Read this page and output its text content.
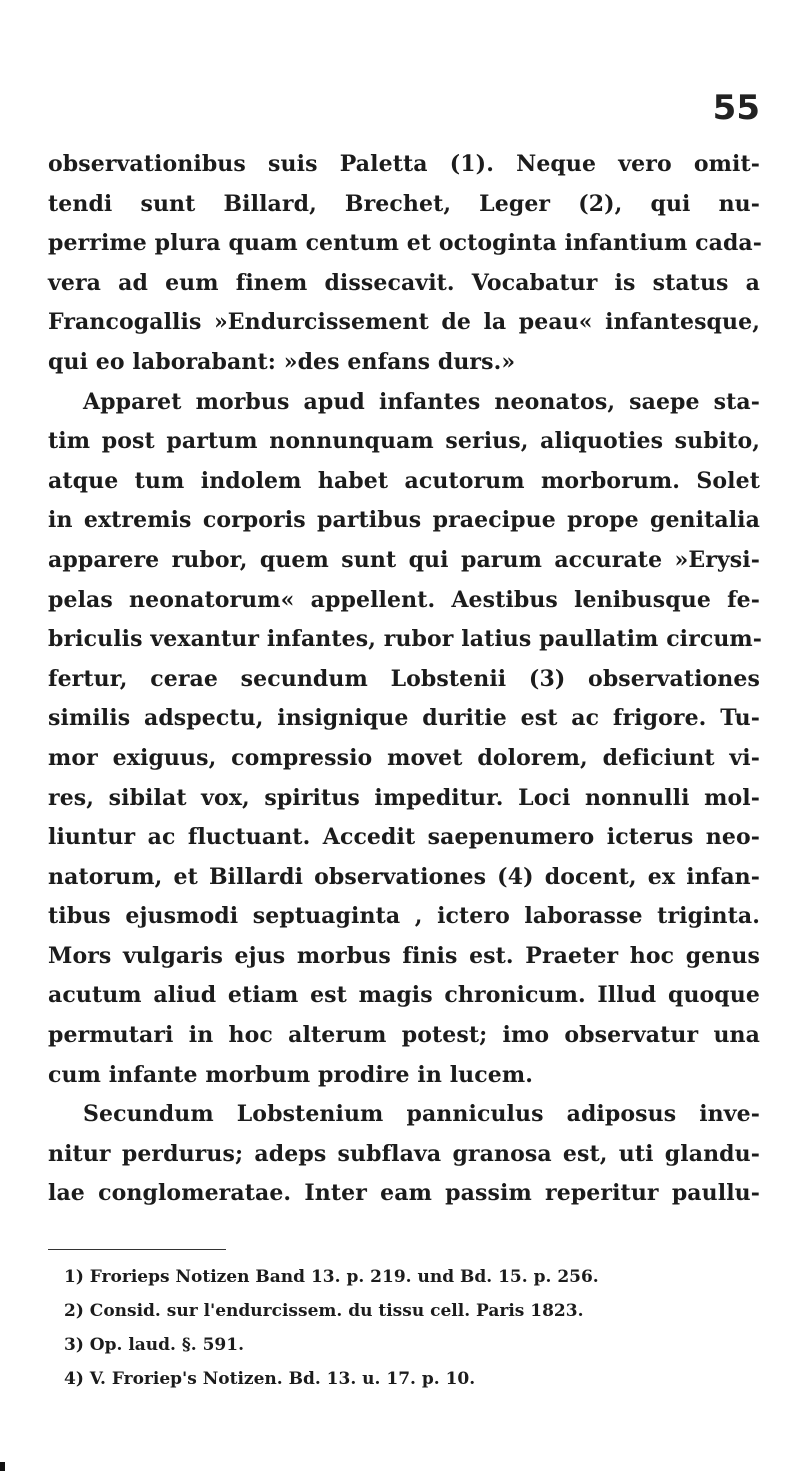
55
observationibus suis Paletta (1). Neque vero omit-
tendi sunt Billard, Brechet, Leger (2), qui nu-
perrime plura quam centum et octoginta infantium cada-
vera ad eum finem dissecavit. Vocabatur is status a
Francogallis »Endurcissement de la peau« infantesque,
qui eo laborabant: »des enfans durs.»
Apparet morbus apud infantes neonatos, saepe sta-
tim post partum nonnunquam serius, aliquoties subito,
atque tum indolem habet acutorum morborum. Solet
in extremis corporis partibus praecipue prope genitalia
apparere rubor, quem sunt qui parum accurate »Erysi-
pelas neonatorum« appellent. Aestibus lenibusque fe-
briculis vexantur infantes, rubor latius paullatim circum-
fertur, cerae secundum Lobstenii (3) observationes
similis adspectu, insignique duritie est ac frigore. Tu-
mor exiguus, compressio movet dolorem, deficiunt vi-
res, sibilat vox, spiritus impeditur. Loci nonnulli mol-
liuntur ac fluctuant. Accedit saepenumero icterus neo-
natorum, et Billardi observationes (4) docent, ex infan-
tibus ejusmodi septuaginta , ictero laborasse triginta.
Mors vulgaris ejus morbus finis est. Praeter hoc genus
acutum aliud etiam est magis chronicum. Illud quoque
permutari in hoc alterum potest; imo observatur una
cum infante morbum prodire in lucem.
Secundum Lobstenium panniculus adiposus inve-
nitur perdurus; adeps subflava granosa est, uti glandu-
lae conglomeratae. Inter eam passim reperitur paullu-
1) Frorieps Notizen Band 13. p. 219. und Bd. 15. p. 256.
2) Consid. sur l'endurcissem. du tissu cell. Paris 1823.
3) Op. laud. §. 591.
4) V. Froriep's Notizen. Bd. 13. u. 17. p. 10.
